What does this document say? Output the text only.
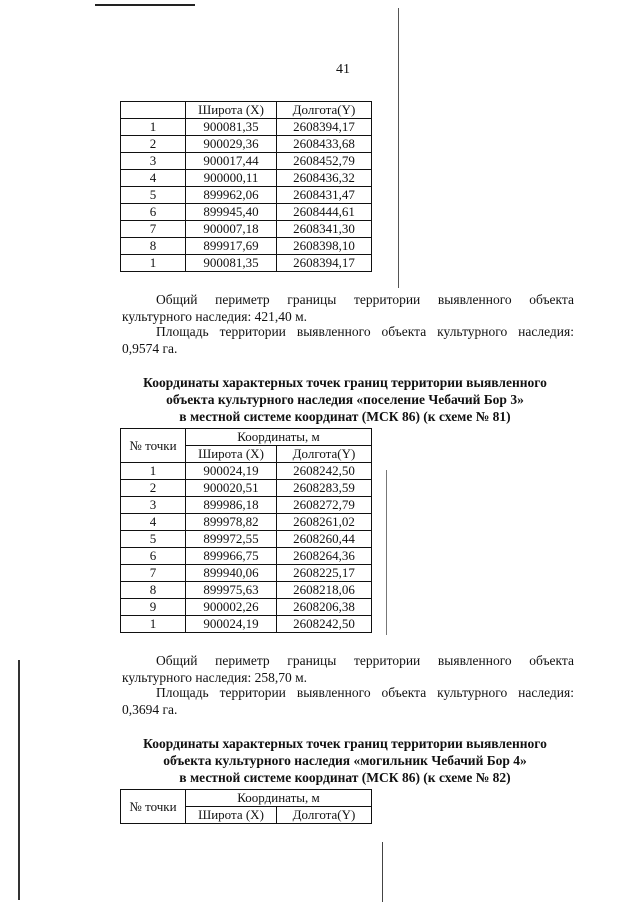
41
	Широта (X)	Долгота(Y)
1	900081,35	2608394,17
2	900029,36	2608433,68
3	900017,44	2608452,79
4	900000,11	2608436,32
5	899962,06	2608431,47
6	899945,40	2608444,61
7	900007,18	2608341,30
8	899917,69	2608398,10
1	900081,35	2608394,17
Общий периметр границы территории выявленного объекта
культурного наследия: 421,40 м.
Площадь территории выявленного объекта культурного наследия:
0,9574 га.
Координаты характерных точек границ территории выявленного
объекта культурного наследия «поселение Чебачий Бор 3»
в местной системе координат (МСК 86) (к схеме № 81)
№ точки	Координаты, м	
	Широта (X)	Долгота(Y)
1	900024,19	2608242,50
2	900020,51	2608283,59
3	899986,18	2608272,79
4	899978,82	2608261,02
5	899972,55	2608260,44
6	899966,75	2608264,36
7	899940,06	2608225,17
8	899975,63	2608218,06
9	900002,26	2608206,38
1	900024,19	2608242,50
Общий периметр границы территории выявленного объекта
культурного наследия: 258,70 м.
Площадь территории выявленного объекта культурного наследия:
0,3694 га.
Координаты характерных точек границ территории выявленного
объекта культурного наследия «могильник Чебачий Бор 4»
в местной системе координат (МСК 86) (к схеме № 82)
№ точки	Координаты, м	
	Широта (X)	Долгота(Y)
